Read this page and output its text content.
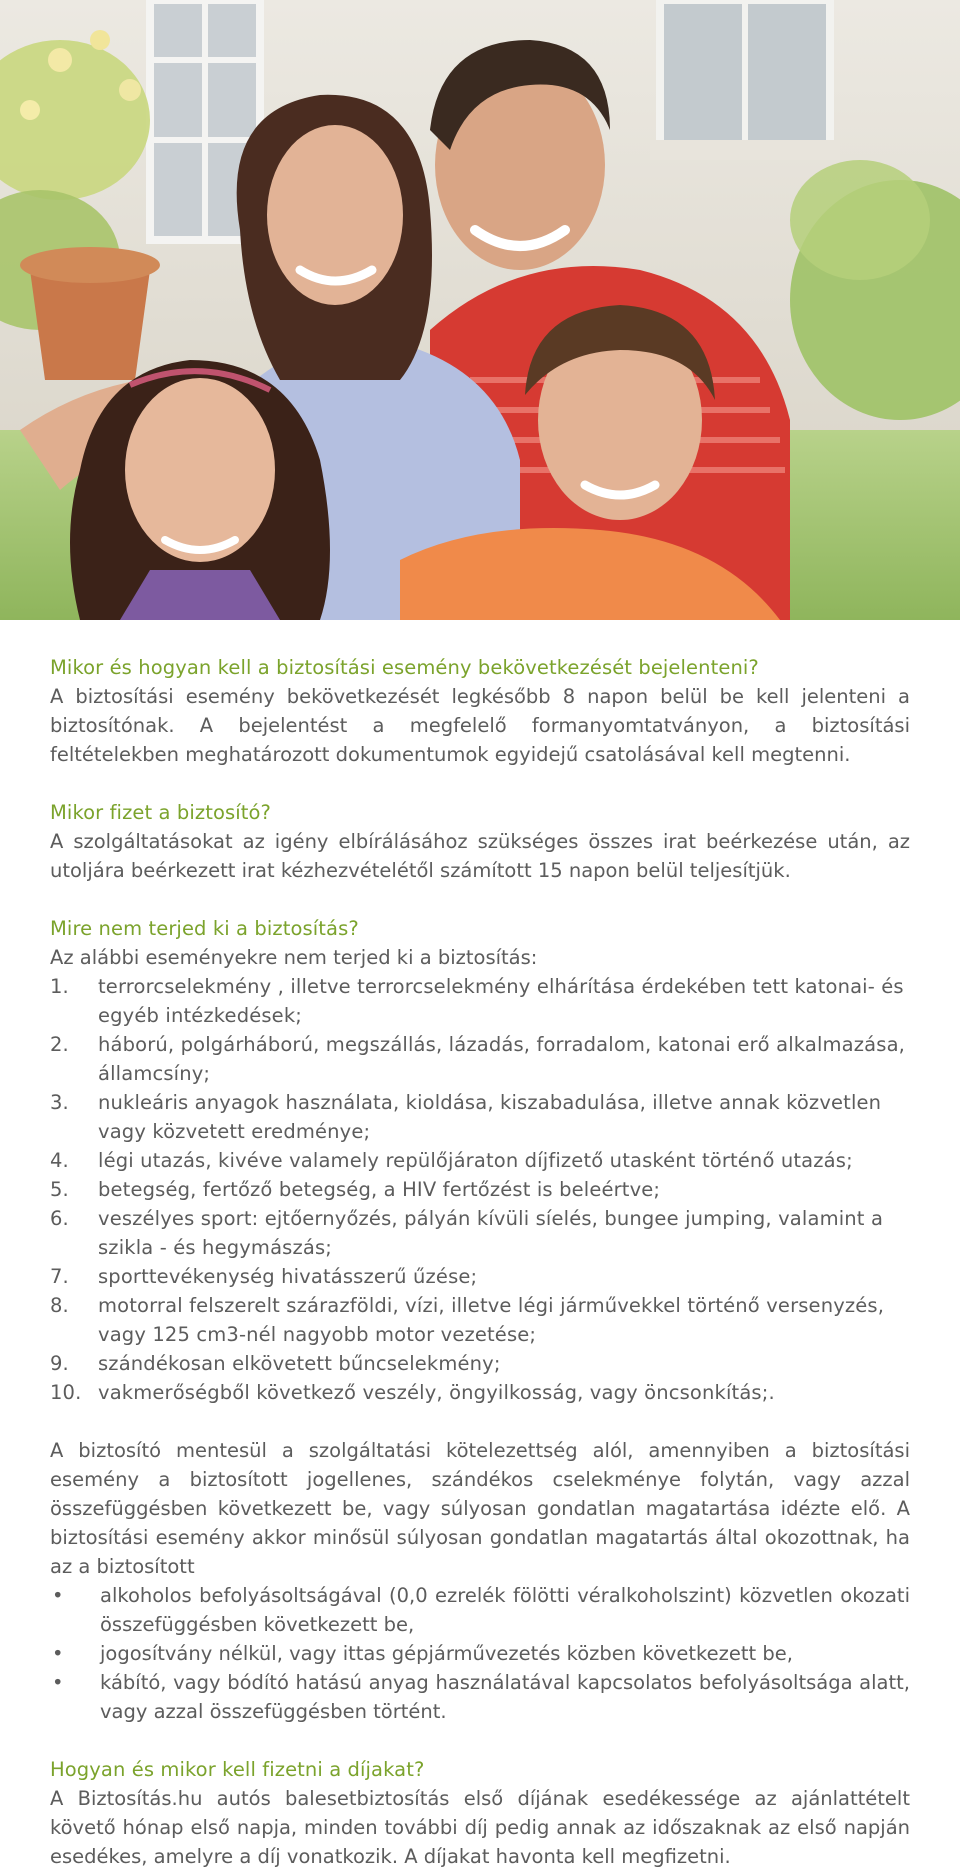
Mikor és hogyan kell a biztosítási esemény bekövetkezését bejelenteni?

A biztosítási esemény bekövetkezését legkésőbb 8 napon belül be kell jelenteni a biztosítónak. A bejelentést a megfelelő formanyomtatványon, a biztosítási feltételekben meghatározott dokumentumok egyidejű csatolásával kell megtenni.

Mikor fizet a biztosító?

A szolgáltatásokat az igény elbírálásához szükséges összes irat beérkezése után, az utoljára beérkezett irat kézhezvételétől számított 15 napon belül teljesítjük.

Mire nem terjed ki a biztosítás?

Az alábbi eseményekre nem terjed ki a biztosítás:

1.	terrorcselekmény , illetve terrorcselekmény elhárítása érdekében tett katonai- és egyéb intézkedések;
2.	háború, polgárháború, megszállás, lázadás, forradalom, katonai erő alkalmazása, államcsíny;
3.	nukleáris anyagok használata, kioldása, kiszabadulása, illetve annak közvetlen vagy közvetett eredménye;
4.	légi utazás, kivéve valamely repülőjáraton díjfizető utasként történő utazás;
5.	betegség, fertőző betegség, a HIV fertőzést is beleértve;
6.	veszélyes sport: ejtőernyőzés, pályán kívüli síelés, bungee jumping, valamint a szikla - és hegymászás;
7.	sporttevékenység hivatásszerű űzése;
8.	motorral felszerelt szárazföldi, vízi, illetve légi járművekkel történő versenyzés, vagy 125 cm3-nél nagyobb motor vezetése;
9.	szándékosan elkövetett bűncselekmény;
10. vakmerőségből következő veszély, öngyilkosság, vagy öncsonkítás;.

A biztosító mentesül a szolgáltatási kötelezettség alól, amennyiben a biztosítási esemény a biztosított jogellenes, szándékos cselekménye folytán, vagy azzal összefüggésben következett be, vagy súlyosan gondatlan magatartása idézte elő. A biztosítási esemény akkor minősül súlyosan gondatlan magatartás által okozottnak, ha az a biztosított

• alkoholos befolyásoltságával (0,0 ezrelék fölötti véralkoholszint) közvetlen okozati összefüggésben következett be,
• jogosítvány nélkül, vagy ittas gépjárművezetés közben következett be,
• kábító, vagy bódító hatású anyag használatával kapcsolatos befolyásoltsága alatt, vagy azzal összefüggésben történt.
Hogyan és mikor kell fizetni a díjakat?

A Biztosítás.hu autós balesetbiztosítás első díjának esedékessége az ajánlattételt követő hónap első napja, minden további díj pedig annak az időszaknak az első napján esedékes, amelyre a díj vonatkozik. A díjakat havonta kell megfizetni.
